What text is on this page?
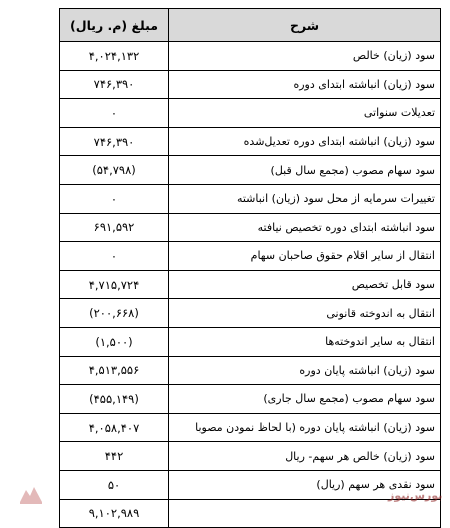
شرح	مبلغ (م. ریال)
سود (زیان) خالص	۴,۰۲۴,۱۳۲
سود (زیان) انباشته ابتدای دوره	۷۴۶,۳۹۰
تعدیلات سنواتی	۰
سود (زیان) انباشته ابتدای دوره تعدیل‌شده	۷۴۶,۳۹۰
سود سهام مصوب (مجمع سال قبل)	(۵۴,۷۹۸)
تغییرات سرمایه از محل سود (زیان) انباشته	۰
سود انباشته ابتدای دوره تخصیص نیافته	۶۹۱,۵۹۲
انتقال از سایر اقلام حقوق صاحبان سهام	۰
سود قابل تخصیص	۴,۷۱۵,۷۲۴
انتقال به اندوخته قانونی	(۲۰۰,۶۶۸)
انتقال به سایر اندوخته‌ها	(۱,۵۰۰)
سود (زیان) انباشته پایان دوره	۴,۵۱۳,۵۵۶
سود سهام مصوب (مجمع سال جاری)	(۴۵۵,۱۴۹)
سود (زیان) انباشته پایان دوره (با لحاظ نمودن مصوبا	۴,۰۵۸,۴۰۷
سود (زیان) خالص هر سهم- ریال	۴۴۲
سود نقدی هر سهم (ریال)	۵۰
	۹,۱۰۲,۹۸۹
بورس‌نیوز
